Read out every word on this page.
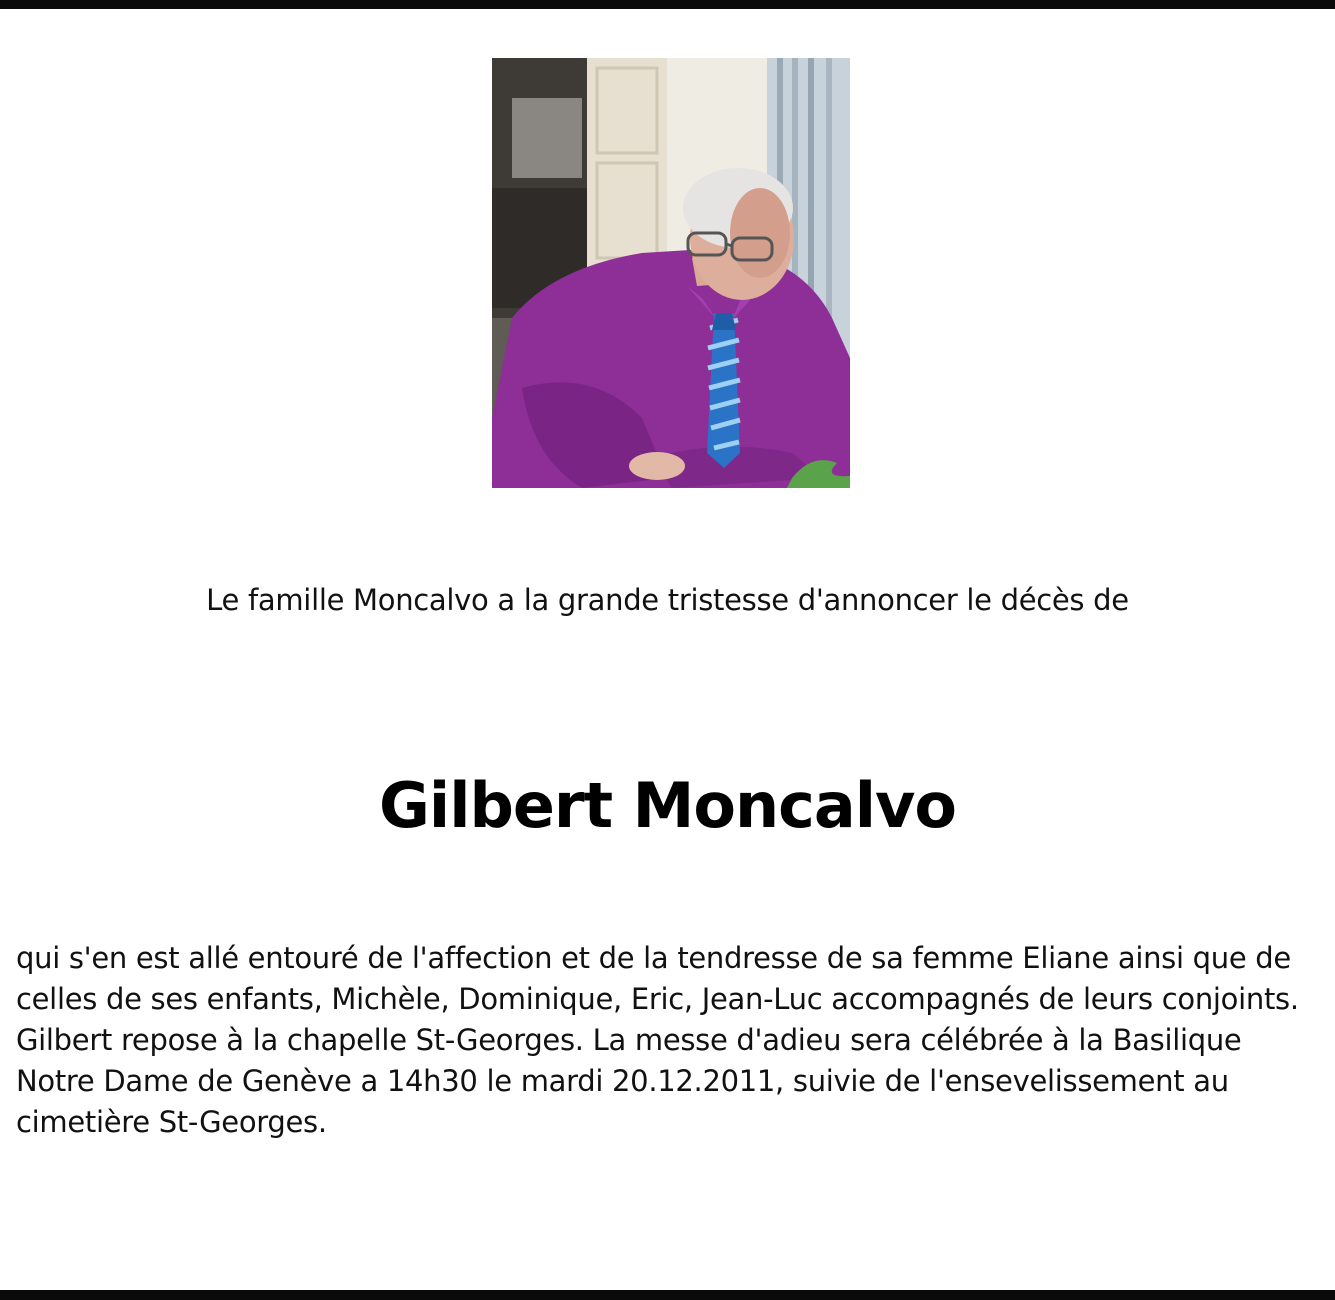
Le famille Moncalvo a la grande tristesse d'annoncer le décès de
Gilbert Moncalvo

qui s'en est allé entouré de l'affection et de la tendresse de sa femme Eliane ainsi que de celles de ses enfants, Michèle, Dominique, Eric, Jean-Luc accompagnés de leurs conjoints.

Gilbert repose à la chapelle St-Georges. La messe d'adieu sera célébrée à la Basilique Notre Dame de Genève a 14h30 le mardi 20.12.2011, suivie de l'ensevelissement au cimetière St-Georges.
